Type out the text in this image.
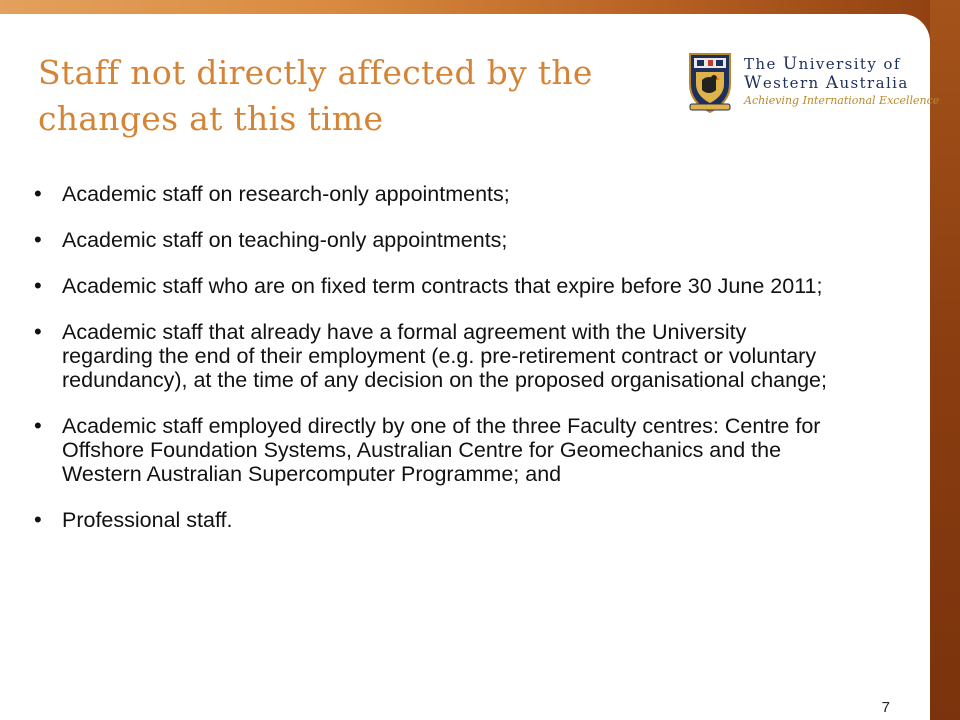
Staff not directly affected by the changes at this time
The University of
Western Australia
Achieving International Excellence
• Academic staff on research-only appointments;
• Academic staff on teaching-only appointments;
• Academic staff who are on fixed term contracts that expire before 30 June 2011;
• Academic staff that already have a formal agreement with the University regarding the end of their employment (e.g. pre-retirement contract or voluntary redundancy), at the time of any decision on the proposed organisational change;
• Academic staff employed directly by one of the three Faculty centres: Centre for Offshore Foundation Systems, Australian Centre for Geomechanics and the Western Australian Supercomputer Programme; and
• Professional staff.
7
